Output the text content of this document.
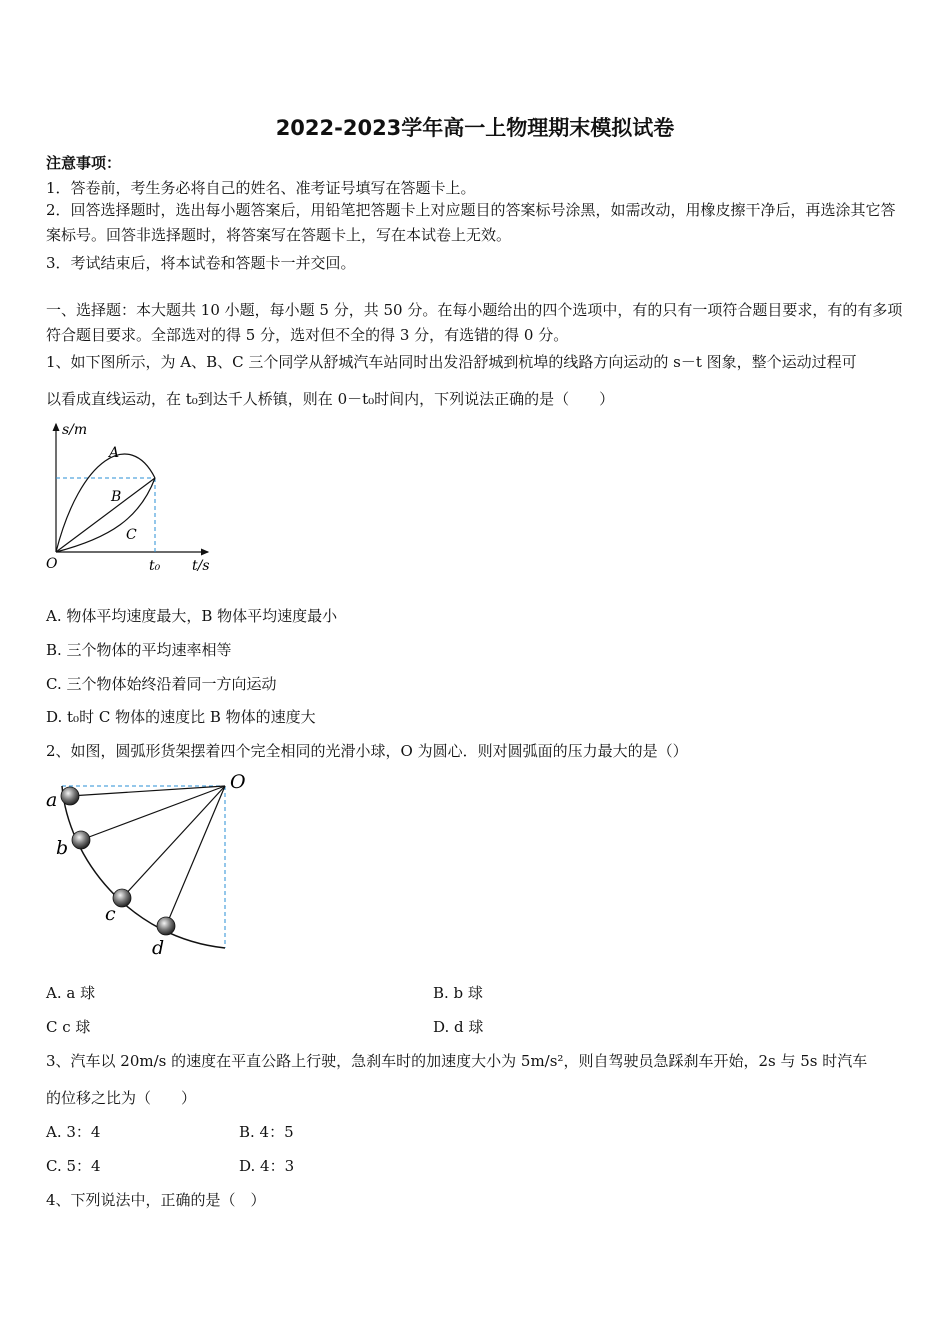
2022-2023学年高一上物理期末模拟试卷
注意事项：
1．答卷前，考生务必将自己的姓名、准考证号填写在答题卡上。
2．回答选择题时，选出每小题答案后，用铅笔把答题卡上对应题目的答案标号涂黑，如需改动，用橡皮擦干净后，再选涂其它答案标号。回答非选择题时，将答案写在答题卡上，写在本试卷上无效。
3．考试结束后，将本试卷和答题卡一并交回。
一、选择题：本大题共 10 小题，每小题 5 分，共 50 分。在每小题给出的四个选项中，有的只有一项符合题目要求，有的有多项符合题目要求。全部选对的得 5 分，选对但不全的得 3 分，有选错的得 0 分。
1、如下图所示，为 A、B、C 三个同学从舒城汽车站同时出发沿舒城到杭埠的线路方向运动的 s－t 图象，整个运动过程可
以看成直线运动，在 t₀到达千人桥镇，则在 0－t₀时间内，下列说法正确的是（　　）
s/m
A
B
C
O	t₀ t/s
A. 物体平均速度最大，B 物体平均速度最小
B. 三个物体的平均速率相等
C. 三个物体始终沿着同一方向运动
D. t₀时 C 物体的速度比 B 物体的速度大
2、如图，圆弧形货架摆着四个完全相同的光滑小球，O 为圆心．则对圆弧面的压力最大的是（）
O
a
b
c
d
A. a 球	B. b 球
C c 球	D. d 球
3、汽车以 20m/s 的速度在平直公路上行驶，急刹车时的加速度大小为 5m/s²，则自驾驶员急踩刹车开始，2s 与 5s 时汽车
的位移之比为（　　）
A. 3：4	B. 4：5
C. 5：4	D. 4：3
4、下列说法中，正确的是（　）
